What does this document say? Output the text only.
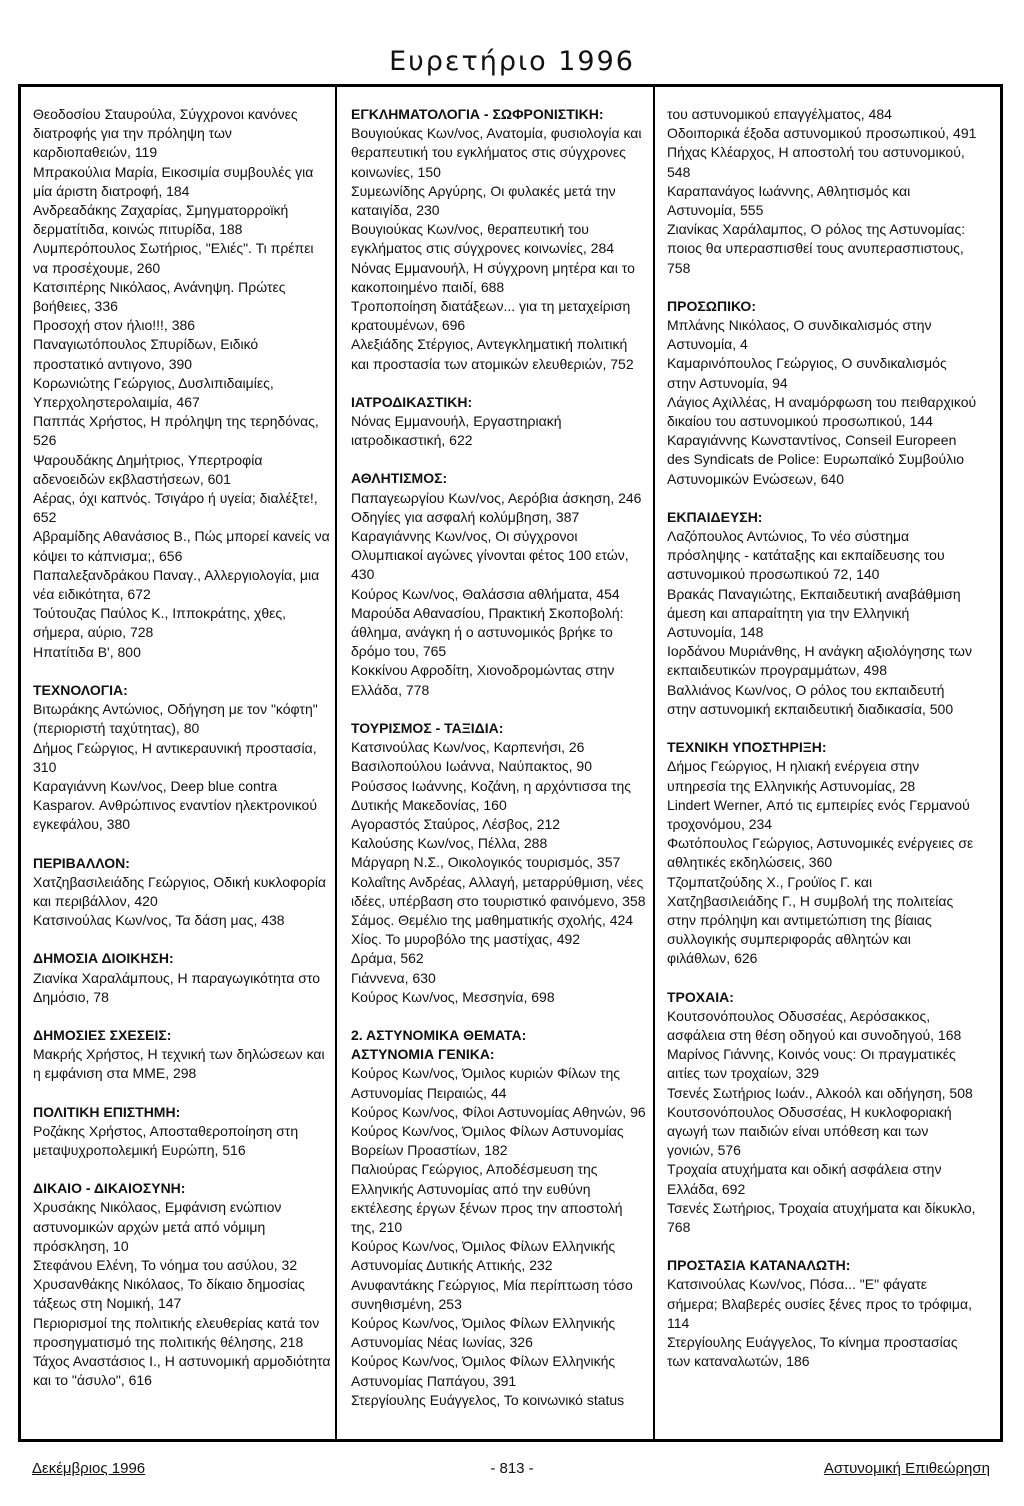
Ευρετήριο 1996

Θεοδοσίου Σταυρούλα, Σύγχρονοι κανόνες διατροφής για την πρόληψη των καρδιοπαθειών, 119

Μπρακούλια Μαρία, Εικοσιμία συμβουλές για μία άριστη διατροφή, 184

Ανδρεαδάκης Ζαχαρίας, Σμηγματορροϊκή δερματίτιδα, κοινώς πιτυρίδα, 188

Λυμπερόπουλος Σωτήριος, "Ελιές". Τι πρέπει να προσέχουμε, 260

Κατσιπέρης Νικόλαος, Ανάνηψη. Πρώτες βοήθειες, 336

Προσοχή στον ήλιο!!!, 386

Παναγιωτόπουλος Σπυρίδων, Ειδικό προστατικό αντιγονο, 390

Κορωνιώτης Γεώργιος, Δυσλιπιδαιμίες, Υπερχοληστερολαιμία, 467

Παππάς Χρήστος, Η πρόληψη της τερηδόνας, 526

Ψαρουδάκης Δημήτριος, Υπερτροφία αδενοειδών εκβλαστήσεων, 601

Αέρας, όχι καπνός. Τσιγάρο ή υγεία; διαλέξτε!, 652

Αβραμίδης Αθανάσιος Β., Πώς μπορεί κανείς να κόψει το κάπνισμα;, 656

Παπαλεξανδράκου Παναγ., Αλλεργιολογία, μια νέα ειδικότητα, 672

Τούτουζας Παύλος Κ., Ιπποκράτης, χθες, σήμερα, αύριο, 728

Ηπατίτιδα Β', 800

ΤΕΧΝΟΛΟΓΙΑ:

Βιτωράκης Αντώνιος, Οδήγηση με τον "κόφτη" (περιοριστή ταχύτητας), 80

Δήμος Γεώργιος, Η αντικεραυνική προστασία, 310

Καραγιάννη Κων/νος, Deep blue contra Kasparov. Ανθρώπινος εναντίον ηλεκτρονικού εγκεφάλου, 380

ΠΕΡΙΒΑΛΛΟΝ:

Χατζηβασιλειάδης Γεώργιος, Οδική κυκλοφορία και περιβάλλον, 420

Κατσινούλας Κων/νος, Τα δάση μας, 438

ΔΗΜΟΣΙΑ ΔΙΟΙΚΗΣΗ:

Ζιανίκα Χαραλάμπους, Η παραγωγικότητα στο Δημόσιο, 78

ΔΗΜΟΣΙΕΣ ΣΧΕΣΕΙΣ:

Μακρής Χρήστος, Η τεχνική των δηλώσεων και η εμφάνιση στα ΜΜΕ, 298

ΠΟΛΙΤΙΚΗ ΕΠΙΣΤΗΜΗ:

Ροζάκης Χρήστος, Αποσταθεροποίηση στη μεταψυχροπολεμική Ευρώπη, 516

ΔΙΚΑΙΟ - ΔΙΚΑΙΟΣΥΝΗ:

Χρυσάκης Νικόλαος, Εμφάνιση ενώπιον αστυνομικών αρχών μετά από νόμιμη πρόσκληση, 10

Στεφάνου Ελένη, Το νόημα του ασύλου, 32

Χρυσανθάκης Νικόλαος, Το δίκαιο δημοσίας τάξεως στη Νομική, 147

Περιορισμοί της πολιτικής ελευθερίας κατά τον προσηγματισμό της πολιτικής θέλησης, 218

Τάχος Αναστάσιος Ι., Η αστυνομική αρμοδιότητα και το "άσυλο", 616

ΕΓΚΛΗΜΑΤΟΛΟΓΙΑ - ΣΩΦΡΟΝΙΣΤΙΚΗ:

Βουγιούκας Κων/νος, Ανατομία, φυσιολογία και θεραπευτική του εγκλήματος στις σύγχρονες κοινωνίες, 150

Συμεωνίδης Αργύρης, Οι φυλακές μετά την καταιγίδα, 230

Βουγιούκας Κων/νος, θεραπευτική του εγκλήματος στις σύγχρονες κοινωνίες, 284

Νόνας Εμμανουήλ, Η σύγχρονη μητέρα και το κακοποιημένο παιδί, 688

Τροποποίηση διατάξεων... για τη μεταχείριση κρατουμένων, 696

Αλεξιάδης Στέργιος, Αντεγκληματική πολιτική και προστασία των ατομικών ελευθεριών, 752

ΙΑΤΡΟΔΙΚΑΣΤΙΚΗ:

Νόνας Εμμανουήλ, Εργαστηριακή ιατροδικαστική, 622

ΑΘΛΗΤΙΣΜΟΣ:

Παπαγεωργίου Κων/νος, Αερόβια άσκηση, 246

Οδηγίες για ασφαλή κολύμβηση, 387

Καραγιάννης Κων/νος, Οι σύγχρονοι Ολυμπιακοί αγώνες γίνονται φέτος 100 ετών, 430

Κούρος Κων/νος, Θαλάσσια αθλήματα, 454

Μαρούδα Αθανασίου, Πρακτική Σκοποβολή: άθλημα, ανάγκη ή ο αστυνομικός βρήκε το δρόμο του, 765

Κοκκίνου Αφροδίτη, Χιονοδρομώντας στην Ελλάδα, 778

ΤΟΥΡΙΣΜΟΣ - ΤΑΞΙΔΙΑ:

Κατσινούλας Κων/νος, Καρπενήσι, 26

Βασιλοπούλου Ιωάννα, Ναύπακτος, 90

Ρούσσος Ιωάννης, Κοζάνη, η αρχόντισσα της Δυτικής Μακεδονίας, 160

Αγοραστός Σταύρος, Λέσβος, 212

Καλούσης Κων/νος, Πέλλα, 288

Μάργαρη Ν.Σ., Οικολογικός τουρισμός, 357

Κολαΐτης Ανδρέας, Αλλαγή, μεταρρύθμιση, νέες ιδέες, υπέρβαση στο τουριστικό φαινόμενο, 358

Σάμος. Θεμέλιο της μαθηματικής σχολής, 424

Χίος. Το μυροβόλο της μαστίχας, 492

Δράμα, 562

Γιάννενα, 630

Κούρος Κων/νος, Μεσσηνία, 698

2. ΑΣΤΥΝΟΜΙΚΑ ΘΕΜΑΤΑ:

ΑΣΤΥΝΟΜΙΑ ΓΕΝΙΚΑ:

Κούρος Κων/νος, Όμιλος κυριών Φίλων της Αστυνομίας Πειραιώς, 44

Κούρος Κων/νος, Φίλοι Αστυνομίας Αθηνών, 96

Κούρος Κων/νος, Όμιλος Φίλων Αστυνομίας Βορείων Προαστίων, 182

Παλιούρας Γεώργιος, Αποδέσμευση της Ελληνικής Αστυνομίας από την ευθύνη εκτέλεσης έργων ξένων προς την αποστολή της, 210

Κούρος Κων/νος, Όμιλος Φίλων Ελληνικής Αστυνομίας Δυτικής Αττικής, 232

Ανυφαντάκης Γεώργιος, Μία περίπτωση τόσο συνηθισμένη, 253

Κούρος Κων/νος, Όμιλος Φίλων Ελληνικής Αστυνομίας Νέας Ιωνίας, 326

Κούρος Κων/νος, Όμιλος Φίλων Ελληνικής Αστυνομίας Παπάγου, 391

Στεργίουλης Ευάγγελος, Το κοινωνικό status

του αστυνομικού επαγγέλματος, 484

Οδοιπορικά έξοδα αστυνομικού προσωπικού, 491

Πήχας Κλέαρχος, Η αποστολή του αστυνομικού, 548

Καραπανάγος Ιωάννης, Αθλητισμός και Αστυνομία, 555

Ζιανίκας Χαράλαμπος, Ο ρόλος της Αστυνομίας: ποιος θα υπερασπισθεί τους ανυπερασπιστους, 758

ΠΡΟΣΩΠΙΚΟ:

Μπλάνης Νικόλαος, Ο συνδικαλισμός στην Αστυνομία, 4

Καμαρινόπουλος Γεώργιος, Ο συνδικαλισμός στην Αστυνομία, 94

Λάγιος Αχιλλέας, Η αναμόρφωση του πειθαρχικού δικαίου του αστυνομικού προσωπικού, 144

Καραγιάννης Κωνσταντίνος, Conseil Europeen des Syndicats de Police: Ευρωπαϊκό Συμβούλιο Αστυνομικών Ενώσεων, 640

ΕΚΠΑΙΔΕΥΣΗ:

Λαζόπουλος Αντώνιος, Το νέο σύστημα πρόσληψης - κατάταξης και εκπαίδευσης του αστυνομικού προσωπικού 72, 140

Βρακάς Παναγιώτης, Εκπαιδευτική αναβάθμιση άμεση και απαραίτητη για την Ελληνική Αστυνομία, 148

Ιορδάνου Μυριάνθης, Η ανάγκη αξιολόγησης των εκπαιδευτικών προγραμμάτων, 498

Βαλλιάνος Κων/νος, Ο ρόλος του εκπαιδευτή στην αστυνομική εκπαιδευτική διαδικασία, 500

ΤΕΧΝΙΚΗ ΥΠΟΣΤΗΡΙΞΗ:

Δήμος Γεώργιος, Η ηλιακή ενέργεια στην υπηρεσία της Ελληνικής Αστυνομίας, 28

Lindert Werner, Από τις εμπειρίες ενός Γερμανού τροχονόμου, 234

Φωτόπουλος Γεώργιος, Αστυνομικές ενέργειες σε αθλητικές εκδηλώσεις, 360

Τζομπατζούδης Χ., Γρούϊος Γ. και Χατζηβασιλειάδης Γ., Η συμβολή της πολιτείας στην πρόληψη και αντιμετώπιση της βίαιας συλλογικής συμπεριφοράς αθλητών και φιλάθλων, 626

ΤΡΟΧΑΙΑ:

Κουτσονόπουλος Οδυσσέας, Αερόσακκος, ασφάλεια στη θέση οδηγού και συνοδηγού, 168

Μαρίνος Γιάννης, Κοινός νους: Οι πραγματικές αιτίες των τροχαίων, 329

Τσενές Σωτήριος Ιωάν., Αλκοόλ και οδήγηση, 508

Κουτσονόπουλος Οδυσσέας, Η κυκλοφοριακή αγωγή των παιδιών είναι υπόθεση και των γονιών, 576

Τροχαία ατυχήματα και οδική ασφάλεια στην Ελλάδα, 692

Τσενές Σωτήριος, Τροχαία ατυχήματα και δίκυκλο, 768

ΠΡΟΣΤΑΣΙΑ ΚΑΤΑΝΑΛΩΤΗ:

Κατσινούλας Κων/νος, Πόσα... "Ε" φάγατε σήμερα; Βλαβερές ουσίες ξένες προς το τρόφιμα, 114

Στεργίουλης Ευάγγελος, Το κίνημα προστασίας των καταναλωτών, 186

Δεκέμβριος 1996	- 813 -	Αστυνομική Επιθεώρηση
